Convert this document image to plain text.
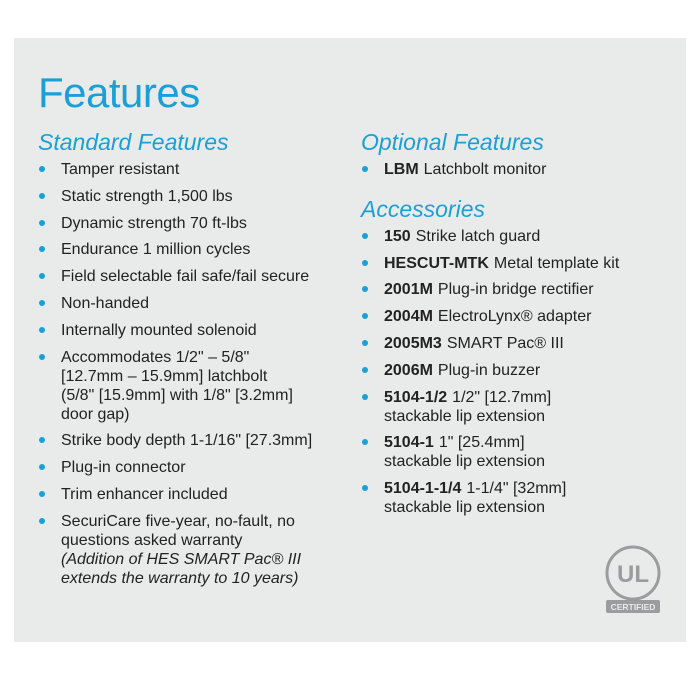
Features
Standard Features
Tamper resistant
Static strength 1,500 lbs
Dynamic strength 70 ft-lbs
Endurance 1 million cycles
Field selectable fail safe/fail secure
Non-handed
Internally mounted solenoid
Accommodates 1/2" – 5/8" [12.7mm – 15.9mm] latchbolt (5/8" [15.9mm] with 1/8" [3.2mm] door gap)
Strike body depth 1-1/16" [27.3mm]
Plug-in connector
Trim enhancer included
SecuriCare five-year, no-fault, no questions asked warranty
(Addition of HES SMART Pac® III extends the warranty to 10 years)
Optional Features
LBM Latchbolt monitor
Accessories
150 Strike latch guard
HESCUT-MTK Metal template kit
2001M Plug-in bridge rectifier
2004M ElectroLynx® adapter
2005M3 SMART Pac® III
2006M Plug-in buzzer
5104-1/2 1/2" [12.7mm] stackable lip extension
5104-1 1" [25.4mm] stackable lip extension
5104-1-1/4 1-1/4" [32mm] stackable lip extension
UL
CERTIFIED
